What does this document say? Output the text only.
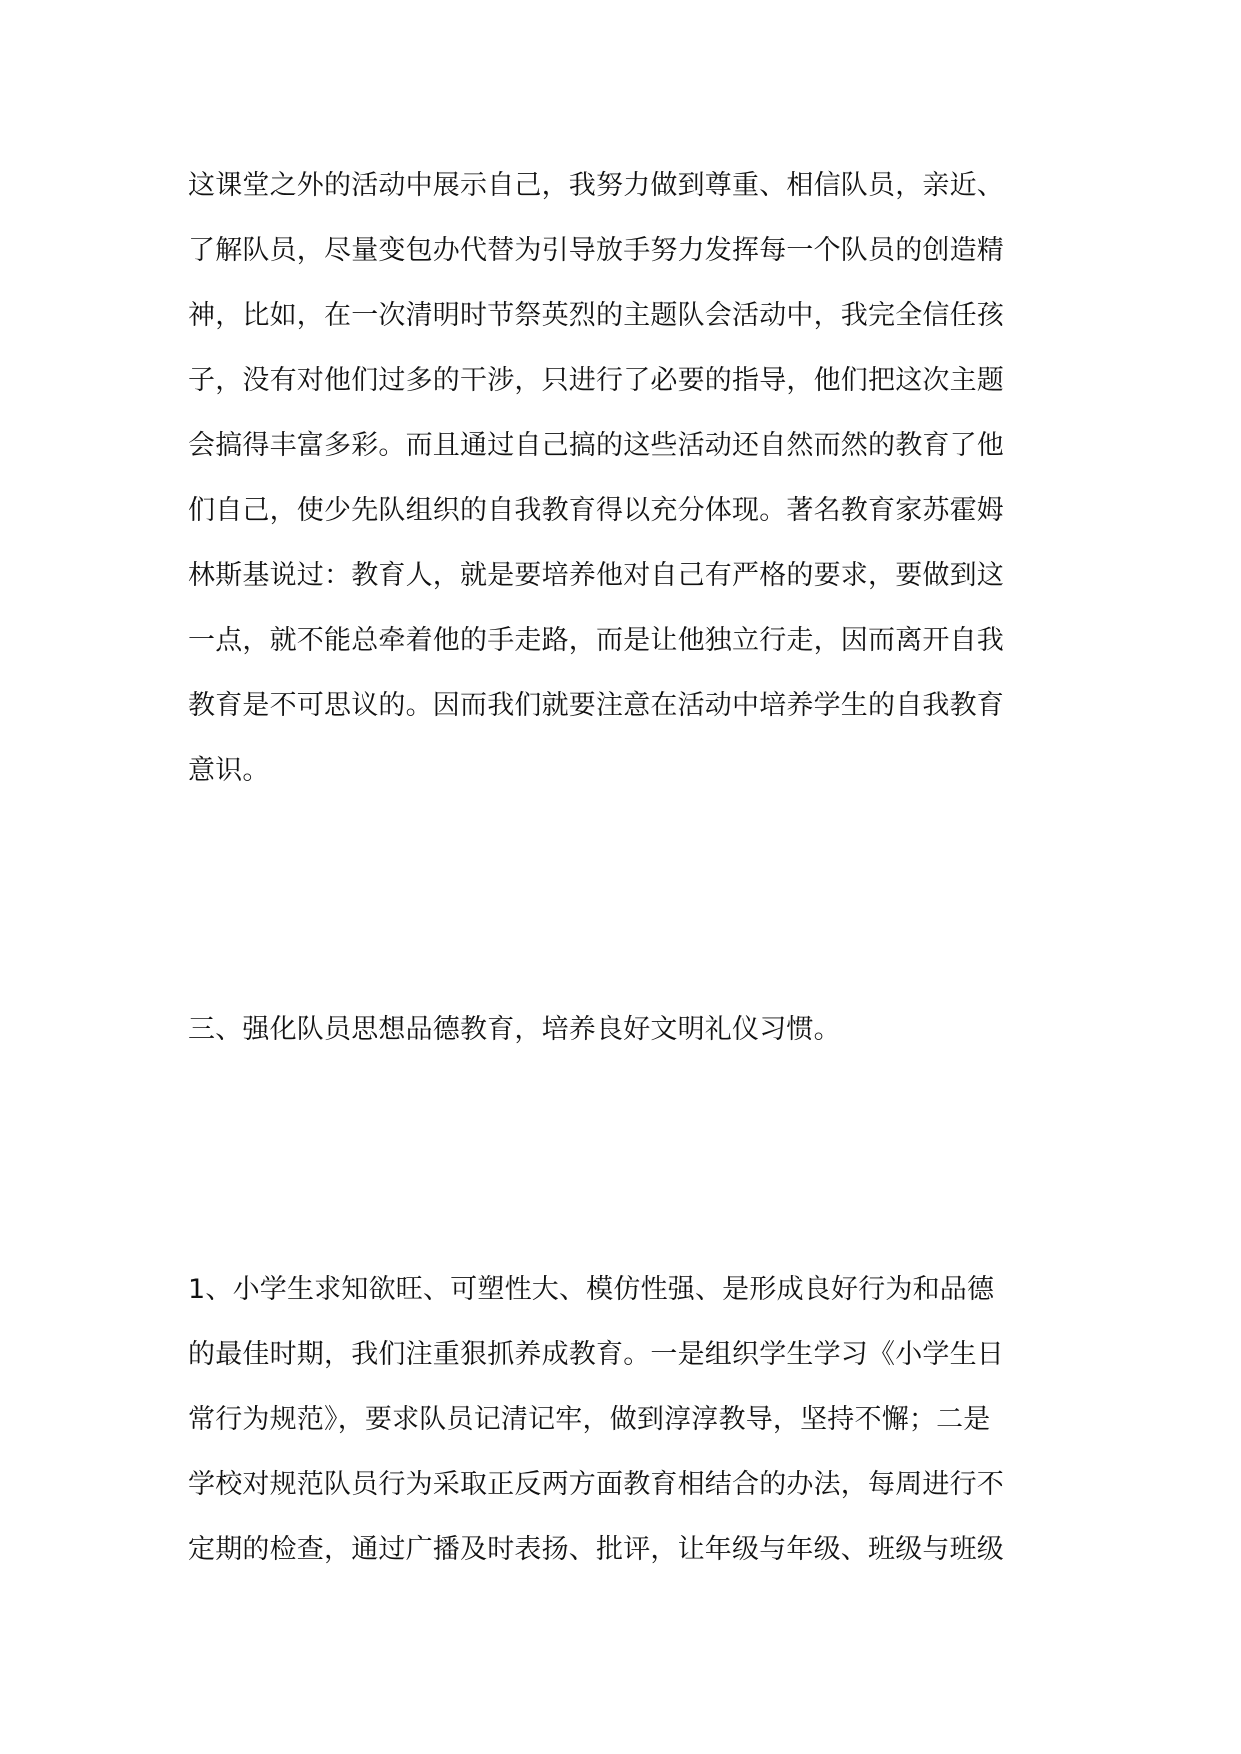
这课堂之外的活动中展示自己，我努力做到尊重、相信队员，亲近、
了解队员，尽量变包办代替为引导放手努力发挥每一个队员的创造精
神，比如，在一次清明时节祭英烈的主题队会活动中，我完全信任孩
子，没有对他们过多的干涉，只进行了必要的指导，他们把这次主题
会搞得丰富多彩。而且通过自己搞的这些活动还自然而然的教育了他
们自己，使少先队组织的自我教育得以充分体现。著名教育家苏霍姆
林斯基说过：教育人，就是要培养他对自己有严格的要求，要做到这
一点，就不能总牵着他的手走路，而是让他独立行走，因而离开自我
教育是不可思议的。因而我们就要注意在活动中培养学生的自我教育
意识。
三、强化队员思想品德教育，培养良好文明礼仪习惯。
1、小学生求知欲旺、可塑性大、模仿性强、是形成良好行为和品德
的最佳时期，我们注重狠抓养成教育。一是组织学生学习《小学生日
常行为规范》，要求队员记清记牢，做到淳淳教导，坚持不懈；二是
学校对规范队员行为采取正反两方面教育相结合的办法，每周进行不
定期的检查，通过广播及时表扬、批评，让年级与年级、班级与班级
